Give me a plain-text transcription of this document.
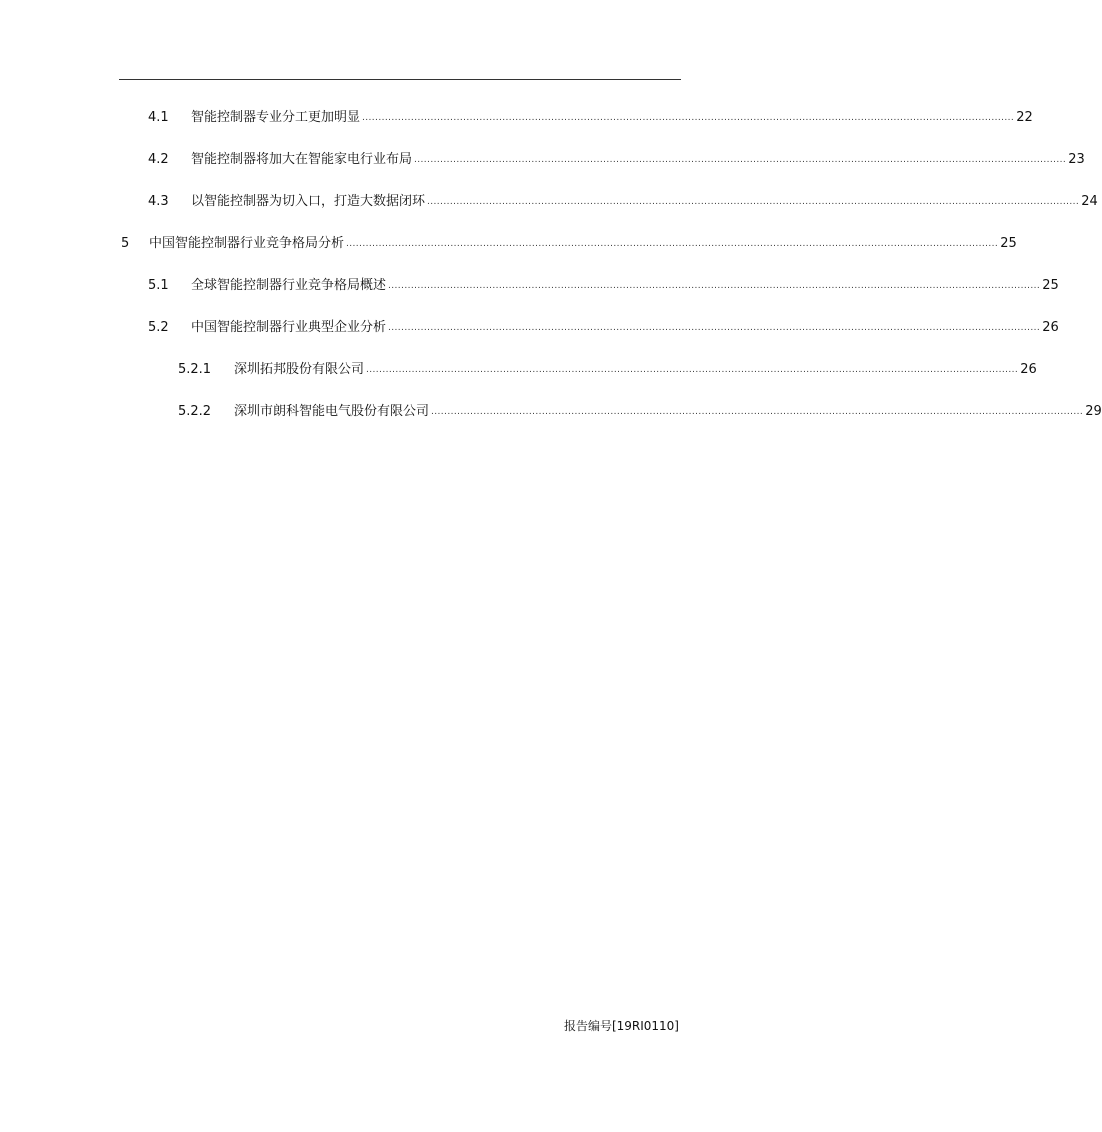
4.1	智能控制器专业分工更加明显 ........................................................................................................................................................................................................ 22
4.2	智能控制器将加大在智能家电行业布局 ........................................................................................................................................................................................................ 23
4.3	以智能控制器为切入口，打造大数据闭环 ........................................................................................................................................................................................................ 24
5	中国智能控制器行业竞争格局分析 ........................................................................................................................................................................................................ 25
5.1	全球智能控制器行业竞争格局概述 ........................................................................................................................................................................................................ 25
5.2	中国智能控制器行业典型企业分析 ........................................................................................................................................................................................................ 26
5.2.1	深圳拓邦股份有限公司 ........................................................................................................................................................................................................ 26
5.2.2	深圳市朗科智能电气股份有限公司 ........................................................................................................................................................................................................ 29
报告编号[19RI0110]
